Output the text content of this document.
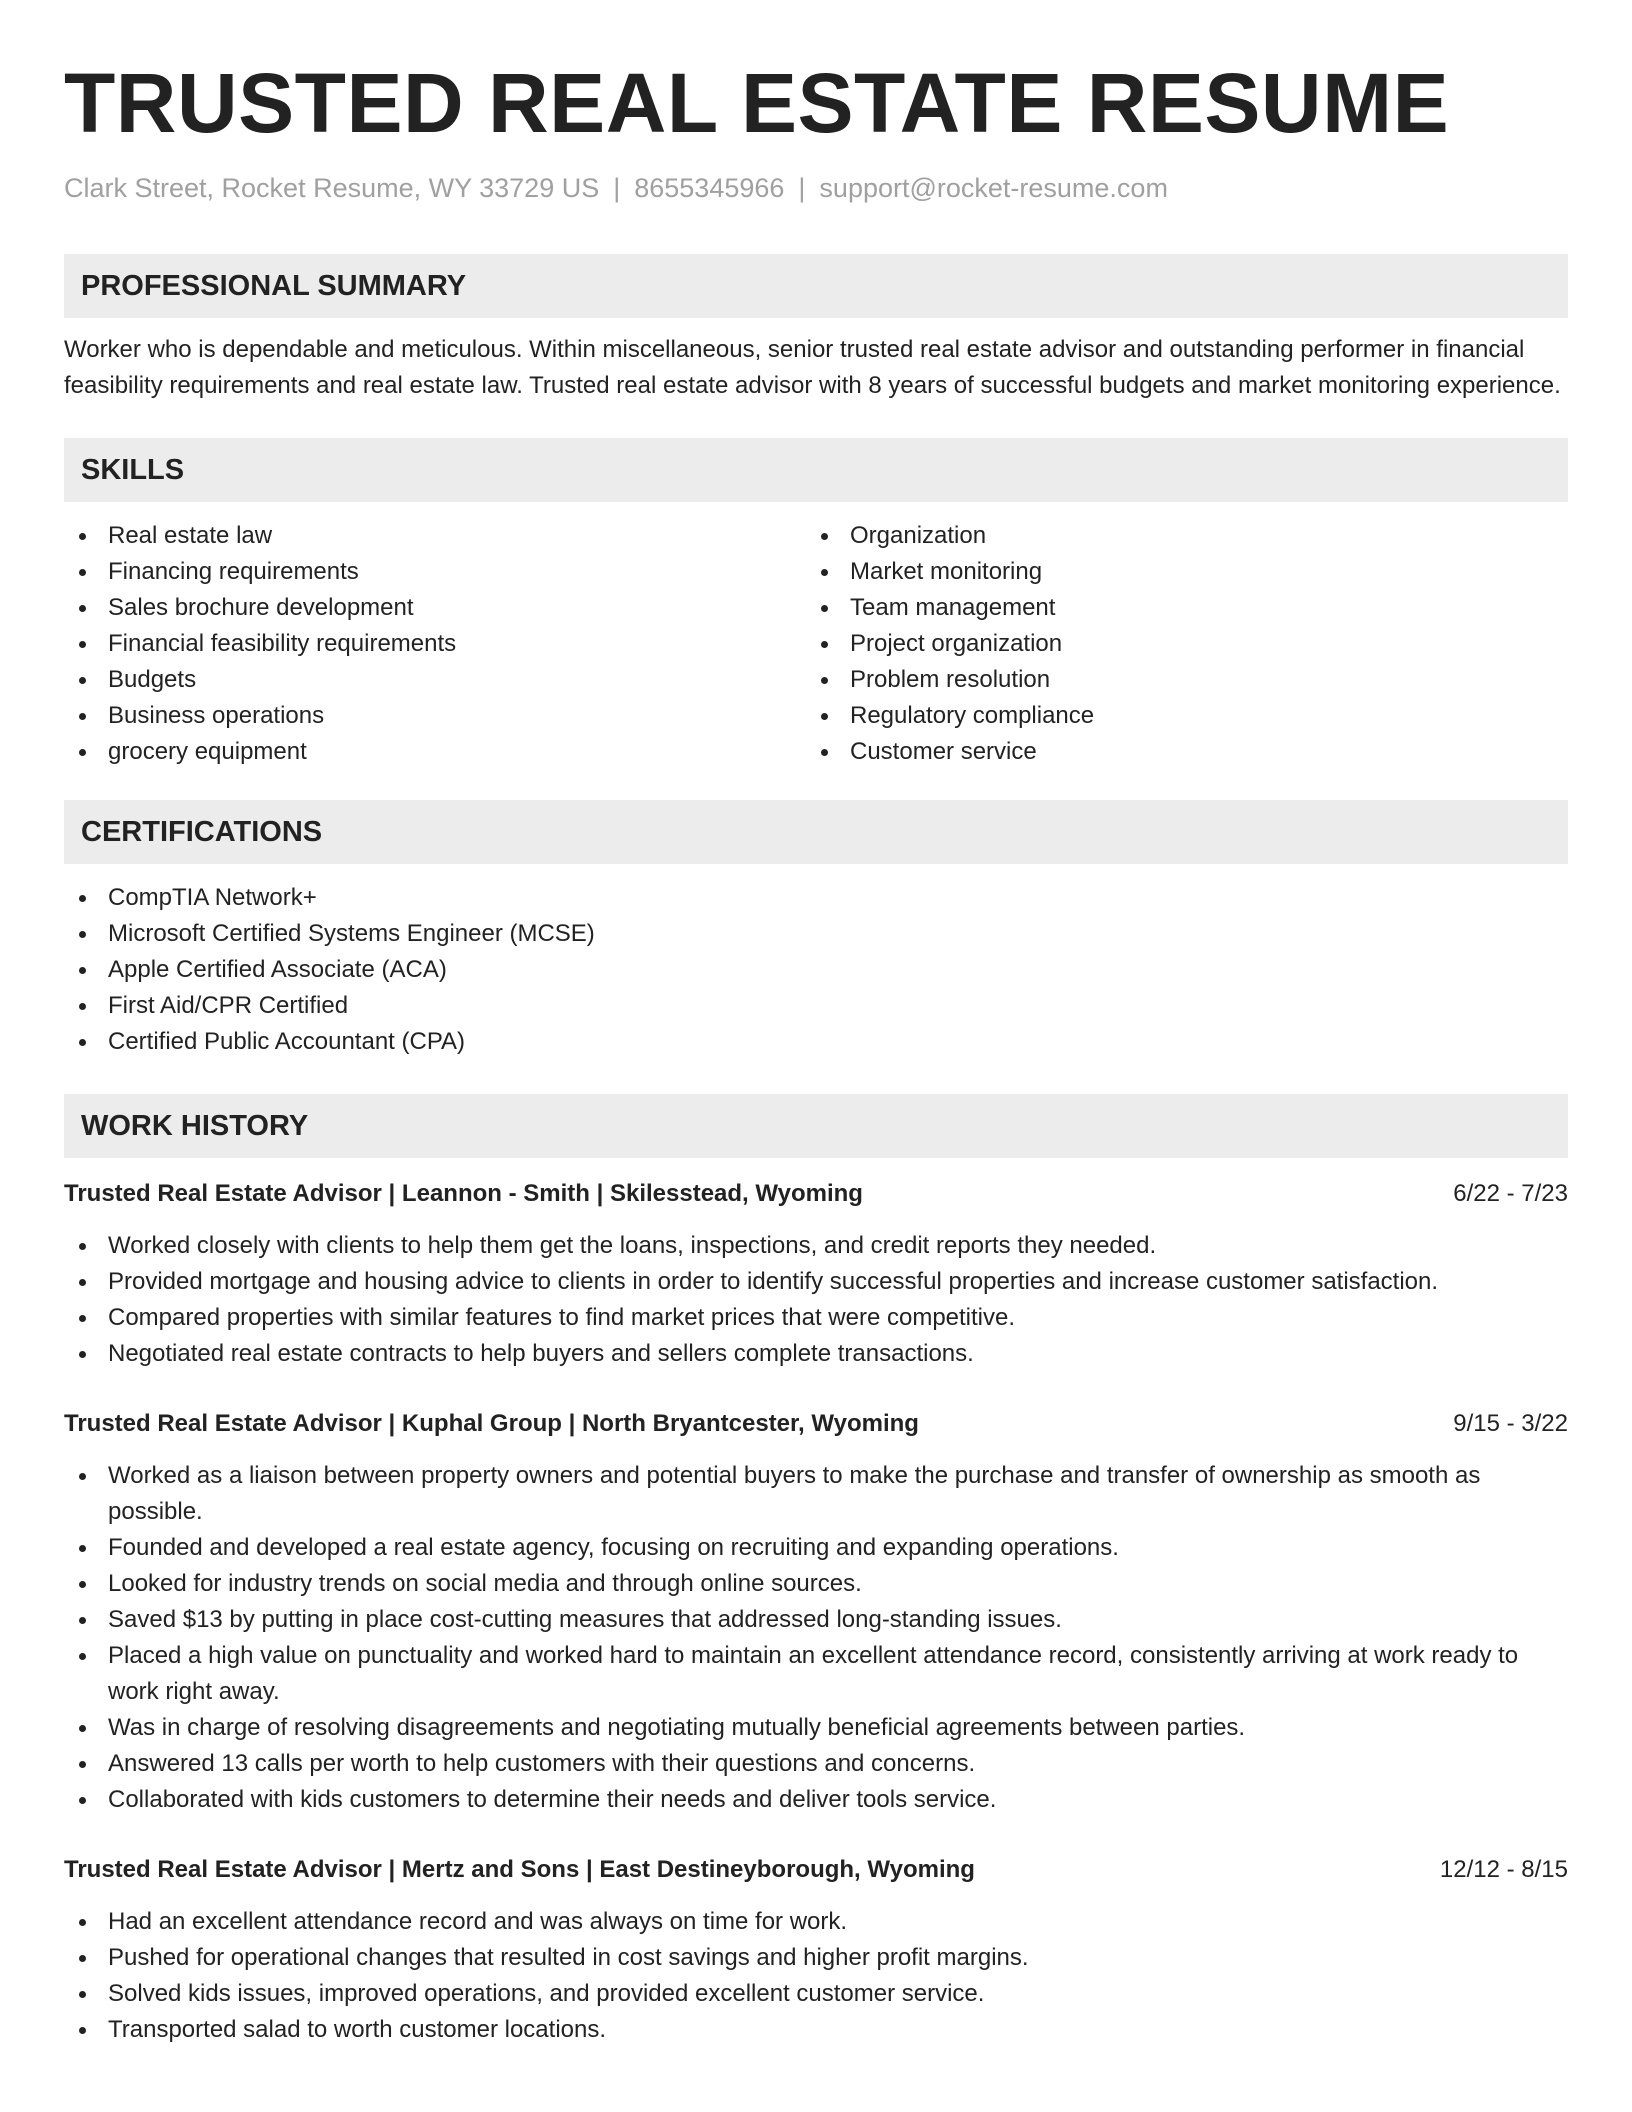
TRUSTED REAL ESTATE RESUME
Clark Street, Rocket Resume, WY 33729 US | 8655345966 | support@rocket-resume.com
PROFESSIONAL SUMMARY
Worker who is dependable and meticulous. Within miscellaneous, senior trusted real estate advisor and outstanding performer in financial feasibility requirements and real estate law. Trusted real estate advisor with 8 years of successful budgets and market monitoring experience.
SKILLS
Real estate law
Financing requirements
Sales brochure development
Financial feasibility requirements
Budgets
Business operations
grocery equipment
Organization
Market monitoring
Team management
Project organization
Problem resolution
Regulatory compliance
Customer service
CERTIFICATIONS
CompTIA Network+
Microsoft Certified Systems Engineer (MCSE)
Apple Certified Associate (ACA)
First Aid/CPR Certified
Certified Public Accountant (CPA)
WORK HISTORY
Trusted Real Estate Advisor | Leannon - Smith | Skilesstead, Wyoming	6/22 - 7/23
Worked closely with clients to help them get the loans, inspections, and credit reports they needed.
Provided mortgage and housing advice to clients in order to identify successful properties and increase customer satisfaction.
Compared properties with similar features to find market prices that were competitive.
Negotiated real estate contracts to help buyers and sellers complete transactions.
Trusted Real Estate Advisor | Kuphal Group | North Bryantcester, Wyoming	9/15 - 3/22
Worked as a liaison between property owners and potential buyers to make the purchase and transfer of ownership as smooth as possible.
Founded and developed a real estate agency, focusing on recruiting and expanding operations.
Looked for industry trends on social media and through online sources.
Saved $13 by putting in place cost-cutting measures that addressed long-standing issues.
Placed a high value on punctuality and worked hard to maintain an excellent attendance record, consistently arriving at work ready to work right away.
Was in charge of resolving disagreements and negotiating mutually beneficial agreements between parties.
Answered 13 calls per worth to help customers with their questions and concerns.
Collaborated with kids customers to determine their needs and deliver tools service.
Trusted Real Estate Advisor | Mertz and Sons | East Destineyborough, Wyoming	12/12 - 8/15
Had an excellent attendance record and was always on time for work.
Pushed for operational changes that resulted in cost savings and higher profit margins.
Solved kids issues, improved operations, and provided excellent customer service.
Transported salad to worth customer locations.
